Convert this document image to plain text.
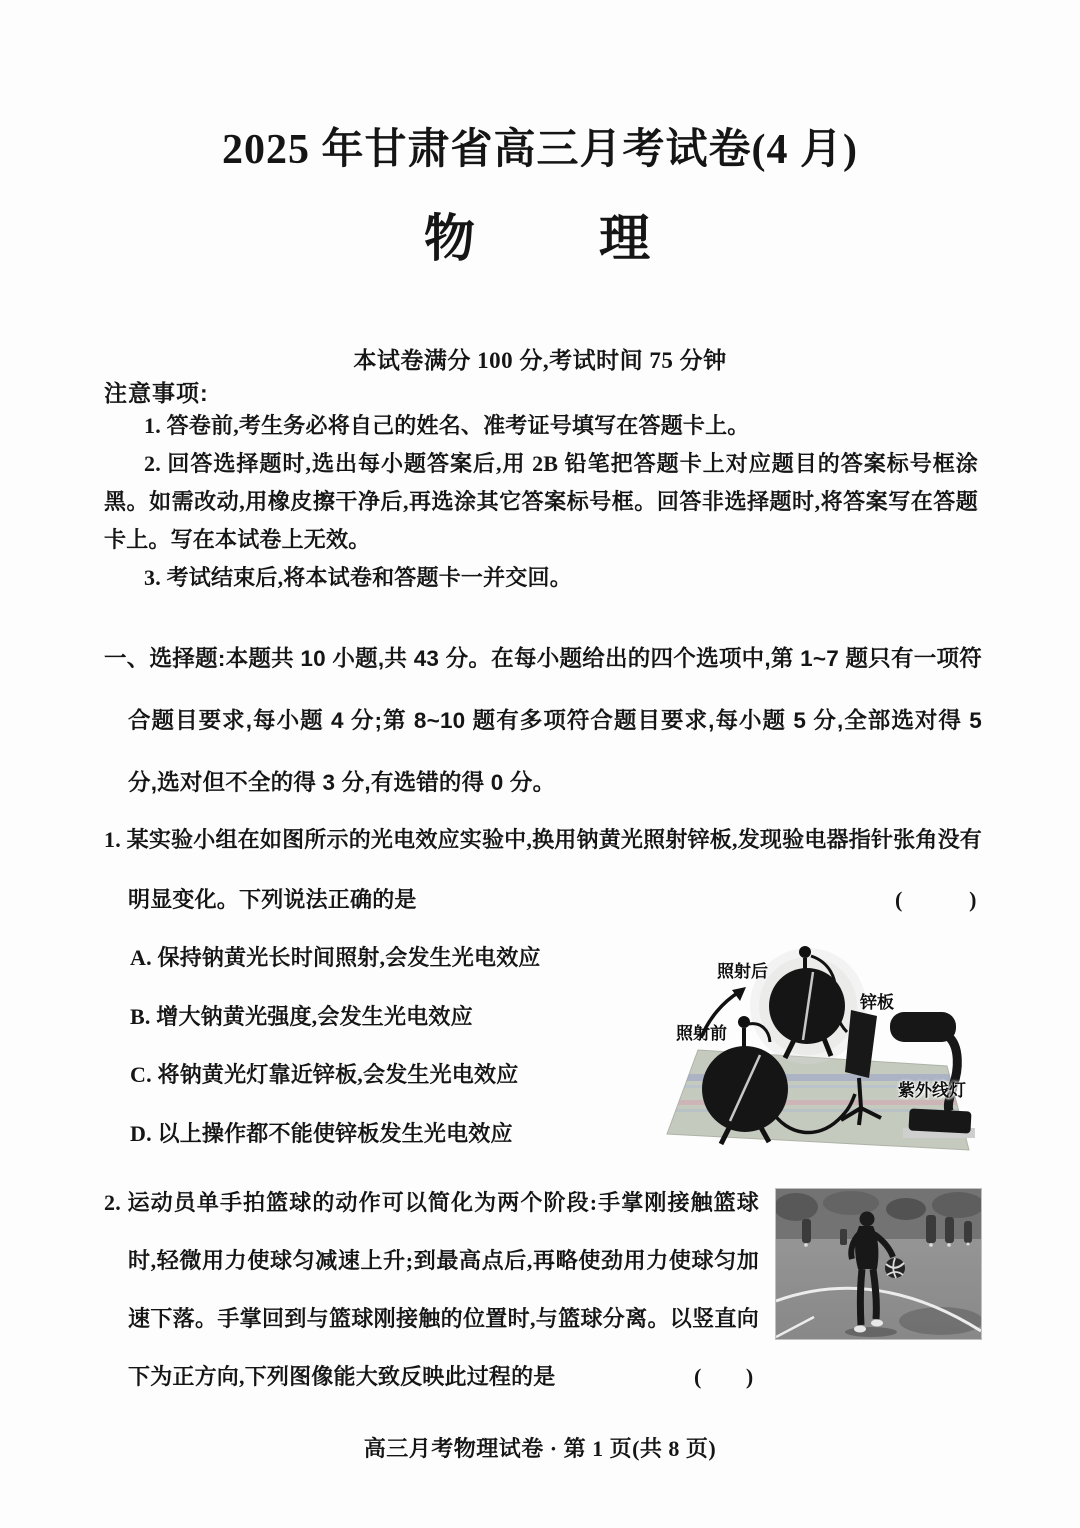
2025 年甘肃省高三月考试卷(4 月)
物 理
本试卷满分 100 分,考试时间 75 分钟
注意事项:

1. 答卷前,考生务必将自己的姓名、准考证号填写在答题卡上。

2. 回答选择题时,选出每小题答案后,用 2B 铅笔把答题卡上对应题目的答案标号框涂黑。如需改动,用橡皮擦干净后,再选涂其它答案标号框。回答非选择题时,将答案写在答题卡上。写在本试卷上无效。

3. 考试结束后,将本试卷和答题卡一并交回。

一、选择题:本题共 10 小题,共 43 分。在每小题给出的四个选项中,第 1~7 题只有一项符合题目要求,每小题 4 分;第 8~10 题有多项符合题目要求,每小题 5 分,全部选对得 5 分,选对但不全的得 3 分,有选错的得 0 分。
1. 某实验小组在如图所示的光电效应实验中,换用钠黄光照射锌板,发现验电器指针张角没有明显变化。下列说法正确的是	(　　　)
A. 保持钠黄光长时间照射,会发生光电效应
B. 增大钠黄光强度,会发生光电效应
C. 将钠黄光灯靠近锌板,会发生光电效应
D. 以上操作都不能使锌板发生光电效应
照射后
照射前
锌板
紫外线灯
2. 运动员单手拍篮球的动作可以简化为两个阶段:手掌刚接触篮球时,轻微用力使球匀减速上升;到最高点后,再略使劲用力使球匀加速下落。手掌回到与篮球刚接触的位置时,与篮球分离。以竖直向下为正方向,下列图像能大致反映此过程的是	(　　)
高三月考物理试卷 · 第 1 页(共 8 页)
